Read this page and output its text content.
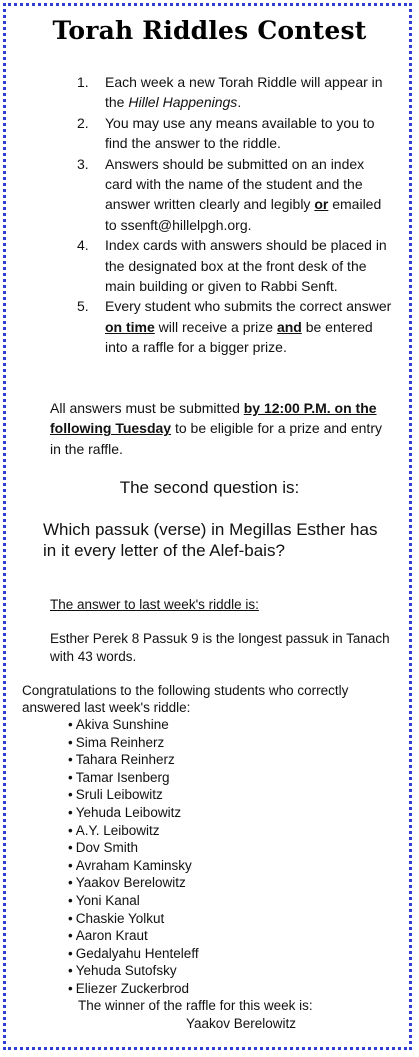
Torah Riddles Contest
1. Each week a new Torah Riddle will appear in the Hillel Happenings.
2. You may use any means available to you to find the answer to the riddle.
3. Answers should be submitted on an index card with the name of the student and the answer written clearly and legibly or emailed to ssenft@hillelpgh.org.
4. Index cards with answers should be placed in the designated box at the front desk of the main building or given to Rabbi Senft.
5. Every student who submits the correct answer on time will receive a prize and be entered into a raffle for a bigger prize.
All answers must be submitted by 12:00 P.M. on the following Tuesday to be eligible for a prize and entry in the raffle.
The second question is:
Which passuk (verse) in Megillas Esther has in it every letter of the Alef-bais?
The answer to last week's riddle is:
Esther Perek 8 Passuk 9 is the longest passuk in Tanach with 43 words.
Congratulations to the following students who correctly answered last week's riddle:
• Akiva Sunshine
• Sima Reinherz
• Tahara Reinherz
• Tamar Isenberg
• Sruli Leibowitz
• Yehuda Leibowitz
• A.Y. Leibowitz
• Dov Smith
• Avraham Kaminsky
• Yaakov Berelowitz
• Yoni Kanal
• Chaskie Yolkut
• Aaron Kraut
• Gedalyahu Henteleff
• Yehuda Sutofsky
• Eliezer Zuckerbrod
The winner of the raffle for this week is:
Yaakov Berelowitz
